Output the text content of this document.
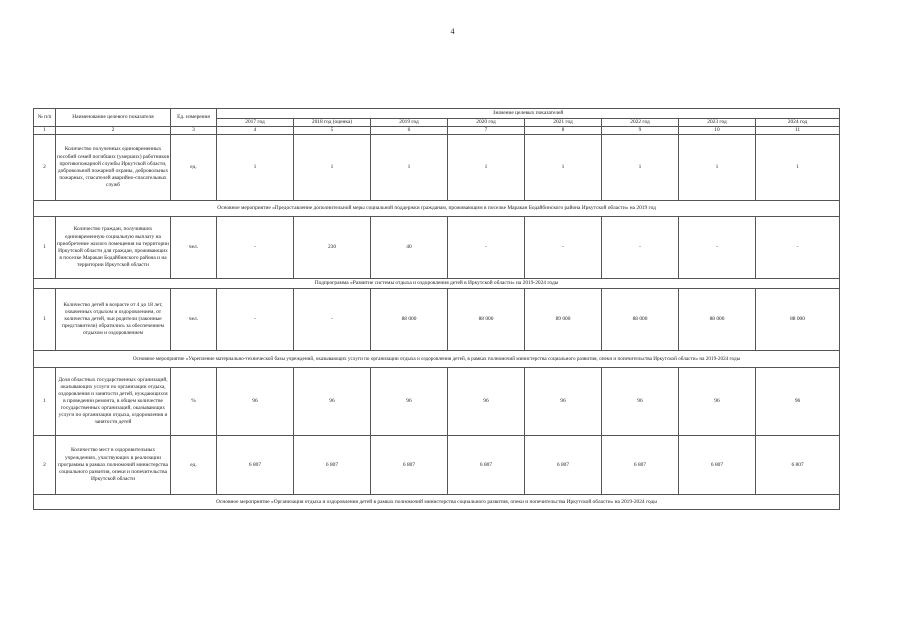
4
№ п/п	Наименование целевого показателя	Ед. измерения	Значение целевых показателей							
			2017 год	2018 год (оценка)	2019 год	2020 год	2021 год	2022 год	2023 год	2024 год
1	2	3	4	5	6	7	8	9	10	11
2	Количество полученных единовременных пособий семей погибших (умерших) работников противопожарной службы Иркутской области, добровольной пожарной охраны, добровольных пожарных, спасателей аварийно-спасательных служб	ед.	1	1	1	1	1	1	1	1
Основное мероприятие «Предоставление дополнительной меры социальной поддержки гражданам, проживающим в поселке Маракан Бодайбинского района Иркутской области» на 2019 год										
1	Количество граждан, получивших единовременную социальную выплату на приобретение жилого помещения на территории Иркутской области для граждан, проживающих в поселке Маракан Бодайбинского района и на территории Иркутской области	чел.	-	230	40	-	-	-	-	-
Подпрограмма «Развитие системы отдыха и оздоровления детей в Иркутской области» на 2019-2024 годы										
1	Количество детей в возрасте от 4 до 18 лет, охваченных отдыхом и оздоровлением, от количества детей, чьи родители (законные представители) обратились за обеспечением отдыхом и оздоровлением	чел.	-	-	88 000	88 000	89 000	88 000	88 000	88 000
Основное мероприятие «Укрепление материально-технической базы учреждений, оказывающих услуги по организации отдыха и оздоровления детей, в рамках полномочий министерства социального развития, опеки и попечительства Иркутской области» на 2019-2024 годы										
1	Доля областных государственных организаций, оказывающих услуги по организации отдыха, оздоровления и занятости детей, нуждающихся в проведении ремонта, в общем количестве государственных организаций, оказывающих услуги по организации отдыха, оздоровления и занятости детей	%	96	96	96	96	96	96	96	96
2	Количество мест в оздоровительных учреждениях, участвующих в реализации программы в рамках полномочий министерства социального развития, опеки и попечительства Иркутской области	ед.	6 807	6 807	6 807	6 807	6 807	6 807	6 807	6 807
Основное мероприятие «Организация отдыха и оздоровления детей в рамках полномочий министерства социального развития, опеки и попечительства Иркутской области» на 2019-2024 годы										
